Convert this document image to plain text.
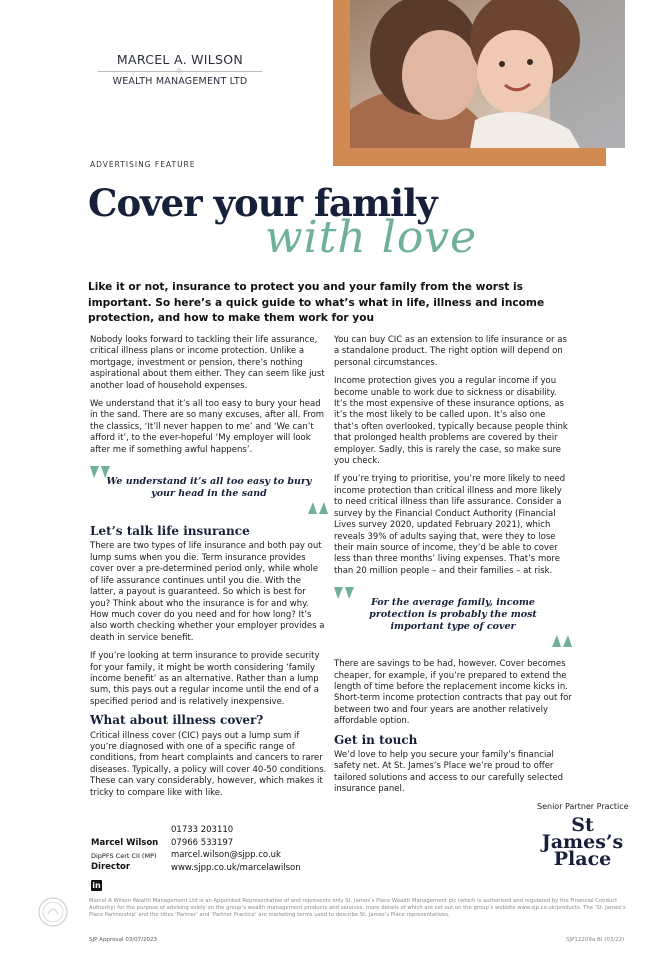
MARCEL A. WILSON
WEALTH MANAGEMENT LTD
ADVERTISING FEATURE
Cover your family
with love
Like it or not, insurance to protect you and your family from the worst is important. So here’s a quick guide to what’s what in life, illness and income protection, and how to make them work for you

Nobody looks forward to tackling their life assurance, critical illness plans or income protection. Unlike a mortgage, investment or pension, there’s nothing aspirational about them either. They can seem like just another load of household expenses.

We understand that it’s all too easy to bury your head in the sand. There are so many excuses, after all. From the classics, ‘It’ll never happen to me’ and ‘We can’t afford it’, to the ever-hopeful ‘My employer will look after me if something awful happens’.

We understand it’s all too easy to bury your head in the sand
Let’s talk life insurance

There are two types of life insurance and both pay out lump sums when you die. Term insurance provides cover over a pre-determined period only, while whole of life assurance continues until you die. With the latter, a payout is guaranteed. So which is best for you? Think about who the insurance is for and why. How much cover do you need and for how long? It’s also worth checking whether your employer provides a death in service benefit.

If you’re looking at term insurance to provide security for your family, it might be worth considering ‘family income benefit’ as an alternative. Rather than a lump sum, this pays out a regular income until the end of a specified period and is relatively inexpensive.

What about illness cover?

Critical illness cover (CIC) pays out a lump sum if you’re diagnosed with one of a specific range of conditions, from heart complaints and cancers to rarer diseases. Typically, a policy will cover 40-50 conditions. These can vary considerably, however, which makes it tricky to compare like with like.

You can buy CIC as an extension to life insurance or as a standalone product. The right option will depend on personal circumstances.

Income protection gives you a regular income if you become unable to work due to sickness or disability. It’s the most expensive of these insurance options, as it’s the most likely to be called upon. It’s also one that’s often overlooked, typically because people think that prolonged health problems are covered by their employer. Sadly, this is rarely the case, so make sure you check.

If you’re trying to prioritise, you’re more likely to need income protection than critical illness and more likely to need critical illness than life assurance. Consider a survey by the Financial Conduct Authority (Financial Lives survey 2020, updated February 2021), which reveals 39% of adults saying that, were they to lose their main source of income, they’d be able to cover less than three months’ living expenses. That’s more than 20 million people – and their families – at risk.

For the average family, income protection is probably the most important type of cover

There are savings to be had, however. Cover becomes cheaper, for example, if you’re prepared to extend the length of time before the replacement income kicks in. Short-term income protection contracts that pay out for between two and four years are another relatively affordable option.

Get in touch

We’d love to help you secure your family’s financial safety net. At St. James’s Place we’re proud to offer tailored solutions and access to our carefully selected insurance panel.

Senior Partner Practice
St
James’s
Place
Marcel Wilson
DipPFS Cert CII (MP)
Director
01733 203110
07966 533197
marcel.wilson@sjpp.co.uk
www.sjpp.co.uk/marcelawilson
in
Marcel A Wilson Wealth Management Ltd is an Appointed Representative of and represents only St. James’s Place Wealth Management plc (which is authorised and regulated by the Financial Conduct Authority) for the purpose of advising solely on the group’s wealth management products and services, more details of which are set out on the group’s website www.sjp.co.uk/products. The ‘St. James’s Place Partnership’ and the titles ‘Partner’ and ‘Partner Practice’ are marketing terms used to describe St. James’s Place representatives.
SJP Approval 03/07/2023	SJP12209a BI (03/22)
